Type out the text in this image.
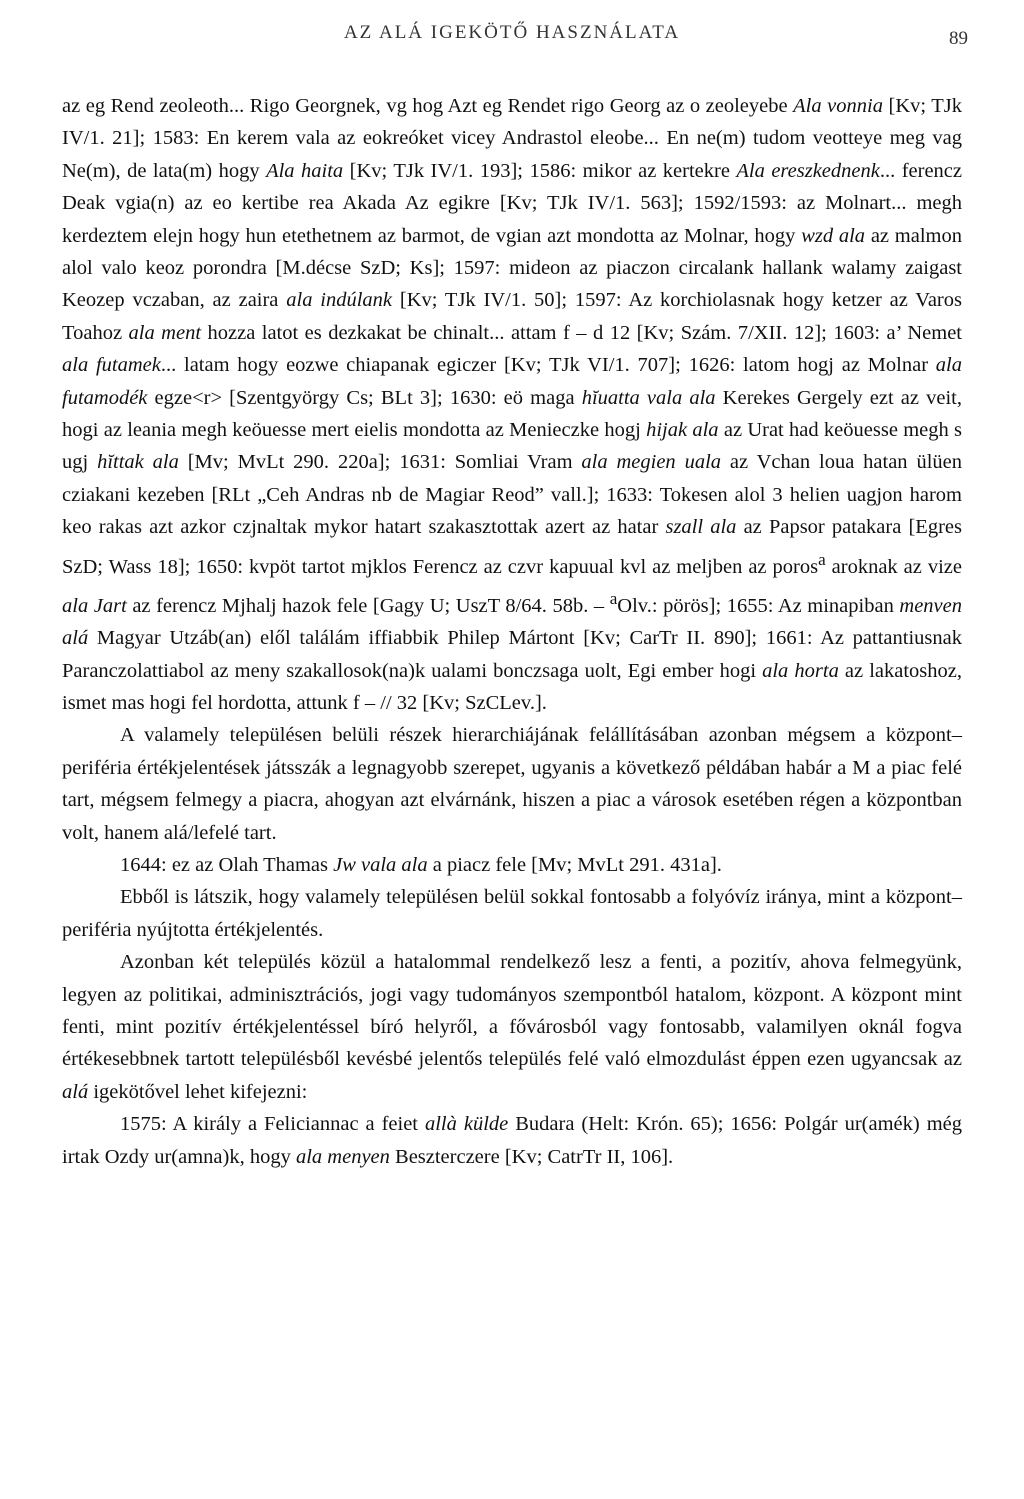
AZ ALÁ IGEKÖTŐ HASZNÁLATA	89

az eg Rend zeoleoth... Rigo Georgnek, vg hog Azt eg Rendet rigo Georg az o zeoleyebe Ala vonnia [Kv; TJk IV/1. 21]; 1583: En kerem vala az eokreóket vicey Andrastol eleobe... En ne(m) tudom veotteye meg vag Ne(m), de lata(m) hogy Ala haita [Kv; TJk IV/1. 193]; 1586: mikor az kertekre Ala ereszkednenk... ferencz Deak vgia(n) az eo kertibe rea Akada Az egikre [Kv; TJk IV/1. 563]; 1592/1593: az Molnart... megh kerdeztem elejn hogy hun etethetnem az barmot, de vgian azt mondotta az Molnar, hogy wzd ala az malmon alol valo keoz porondra [M.décse SzD; Ks]; 1597: mideon az piaczon circalank hallank walamy zaigast Keozep vczaban, az zaira ala indúlank [Kv; TJk IV/1. 50]; 1597: Az korchiolasnak hogy ketzer az Varos Toahoz ala ment hozza latot es dezkakat be chinalt... attam f – d 12 [Kv; Szám. 7/XII. 12]; 1603: a’ Nemet ala futamek... latam hogy eozwe chiapanak egiczer [Kv; TJk VI/1. 707]; 1626: latom hogj az Molnar ala futamodék egze<r> [Szentgyörgy Cs; BLt 3]; 1630: eö maga hĭuatta vala ala Kerekes Gergely ezt az veit, hogi az leania megh keöuesse mert eielis mondotta az Menieczke hogj hijak ala az Urat had keöuesse megh s ugj hĭttak ala [Mv; MvLt 290. 220a]; 1631: Somliai Vram ala megien uala az Vchan loua hatan ülüen cziakani kezeben [RLt „Ceh Andras nb de Magiar Reod” vall.]; 1633: Tokesen alol 3 helien uagjon harom keo rakas azt azkor czjnaltak mykor hatart szakasztottak azert az hatar szall ala az Papsor patakara [Egres SzD; Wass 18]; 1650: kvpöt tartot mjklos Ferencz az czvr kapuual kvl az meljben az poros$^a$ aroknak az vize ala Jart az ferencz Mjhalj hazok fele [Gagy U; UszT 8/64. 58b. – $^a$Olv.: pörös]; 1655: Az minapiban menven alá Magyar Utzáb(an) elől találám iffiabbik Philep Mártont [Kv; CarTr II. 890]; 1661: Az pattantiusnak Paranczolattiabol az meny szakallosok(na)k ualami bonczsaga uolt, Egi ember hogi ala horta az lakatoshoz, ismet mas hogi fel hordotta, attunk f – // 32 [Kv; SzCLev.].

A valamely településen belüli részek hierarchiájának felállításában azonban mégsem a központ–periféria értékjelentések játsszák a legnagyobb szerepet, ugyanis a következő példában habár a M a piac felé tart, mégsem felmegy a piacra, ahogyan azt elvárnánk, hiszen a piac a városok esetében régen a központban volt, hanem alá/lefelé tart.

1644: ez az Olah Thamas Jw vala ala a piacz fele [Mv; MvLt 291. 431a].

Ebből is látszik, hogy valamely településen belül sokkal fontosabb a folyóvíz iránya, mint a központ–periféria nyújtotta értékjelentés.

Azonban két település közül a hatalommal rendelkező lesz a fenti, a pozitív, ahova felmegyünk, legyen az politikai, adminisztrációs, jogi vagy tudományos szempontból hatalom, központ. A központ mint fenti, mint pozitív értékjelentéssel bíró helyről, a fővárosból vagy fontosabb, valamilyen oknál fogva értékesebbnek tartott településből kevésbé jelentős település felé való elmozdulást éppen ezen ugyancsak az alá igekötővel lehet kifejezni:

1575: A király a Feliciannac a feiet allà külde Budara (Helt: Krón. 65); 1656: Polgár ur(amék) még irtak Ozdy ur(amna)k, hogy ala menyen Beszterczere [Kv; CatrTr II, 106].
